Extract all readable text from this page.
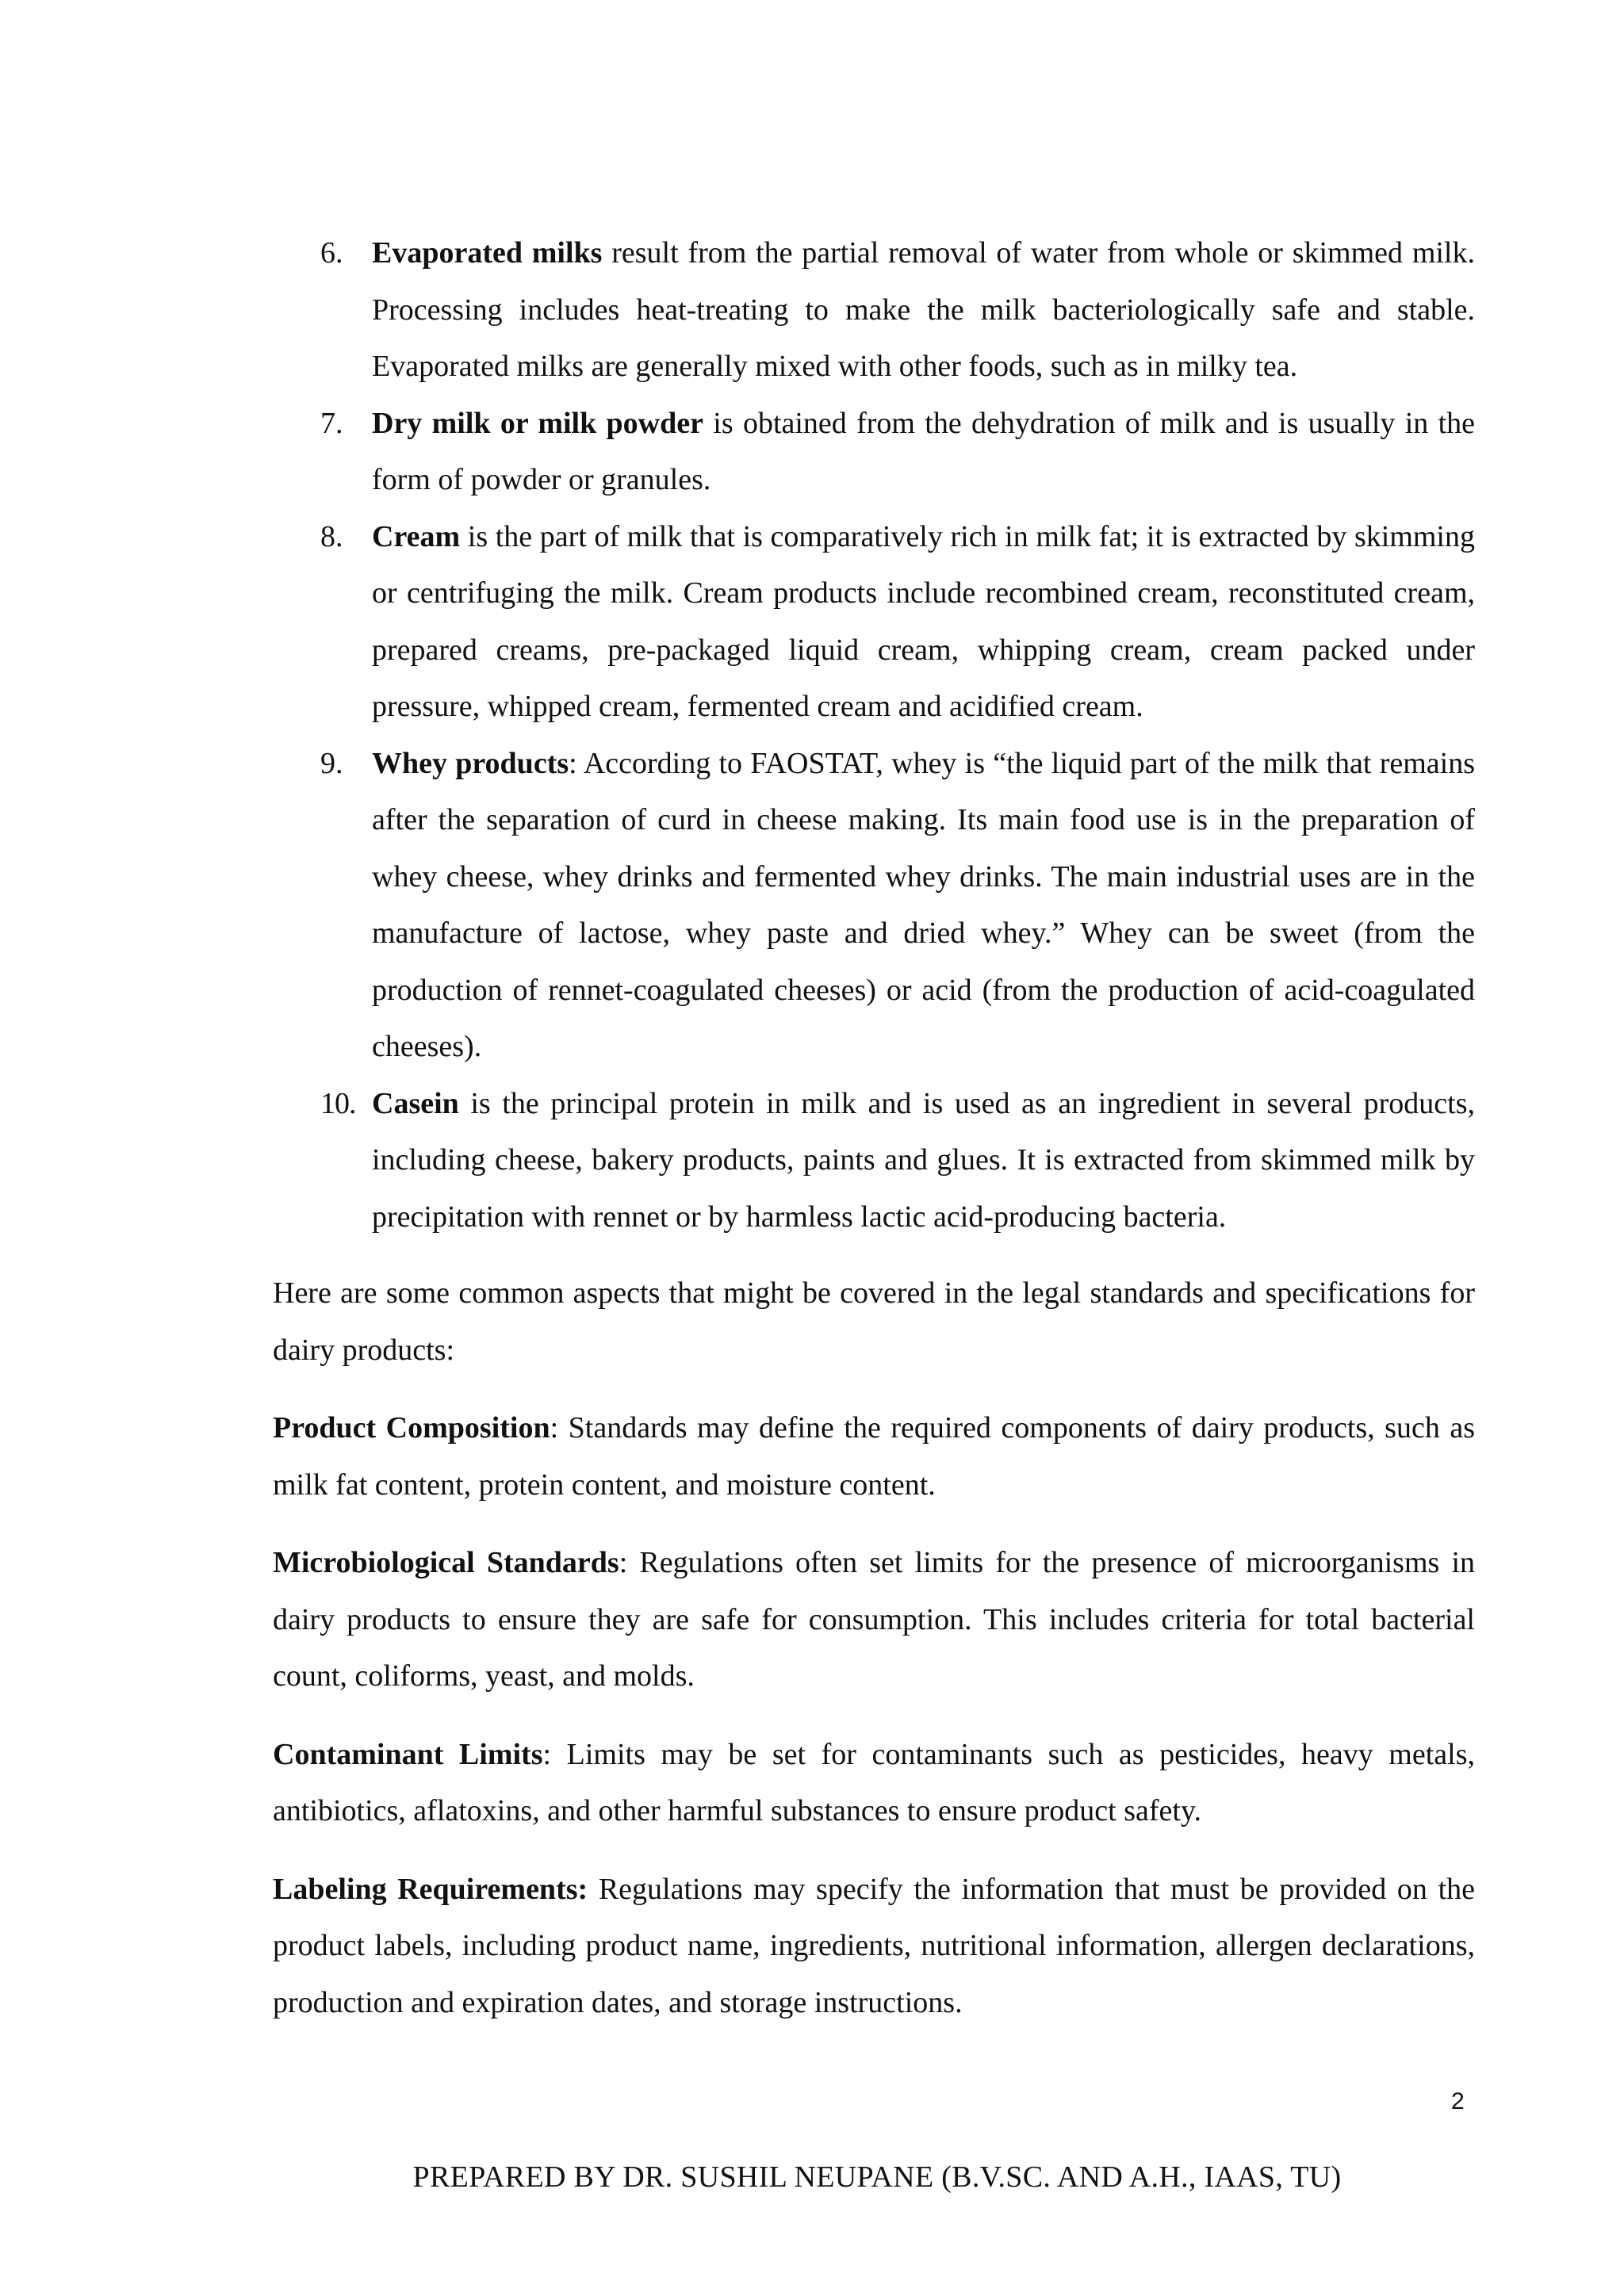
6. Evaporated milks result from the partial removal of water from whole or skimmed milk. Processing includes heat-treating to make the milk bacteriologically safe and stable. Evaporated milks are generally mixed with other foods, such as in milky tea.
7. Dry milk or milk powder is obtained from the dehydration of milk and is usually in the form of powder or granules.
8. Cream is the part of milk that is comparatively rich in milk fat; it is extracted by skimming or centrifuging the milk. Cream products include recombined cream, reconstituted cream, prepared creams, pre-packaged liquid cream, whipping cream, cream packed under pressure, whipped cream, fermented cream and acidified cream.
9. Whey products: According to FAOSTAT, whey is “the liquid part of the milk that remains after the separation of curd in cheese making. Its main food use is in the preparation of whey cheese, whey drinks and fermented whey drinks. The main industrial uses are in the manufacture of lactose, whey paste and dried whey.” Whey can be sweet (from the production of rennet-coagulated cheeses) or acid (from the production of acid-coagulated cheeses).
10. Casein is the principal protein in milk and is used as an ingredient in several products, including cheese, bakery products, paints and glues. It is extracted from skimmed milk by precipitation with rennet or by harmless lactic acid-producing bacteria.

Here are some common aspects that might be covered in the legal standards and specifications for dairy products:

Product Composition: Standards may define the required components of dairy products, such as milk fat content, protein content, and moisture content.

Microbiological Standards: Regulations often set limits for the presence of microorganisms in dairy products to ensure they are safe for consumption. This includes criteria for total bacterial count, coliforms, yeast, and molds.

Contaminant Limits: Limits may be set for contaminants such as pesticides, heavy metals, antibiotics, aflatoxins, and other harmful substances to ensure product safety.

Labeling Requirements: Regulations may specify the information that must be provided on the product labels, including product name, ingredients, nutritional information, allergen declarations, production and expiration dates, and storage instructions.

2
PREPARED BY DR. SUSHIL NEUPANE (B.V.SC. AND A.H., IAAS, TU)
